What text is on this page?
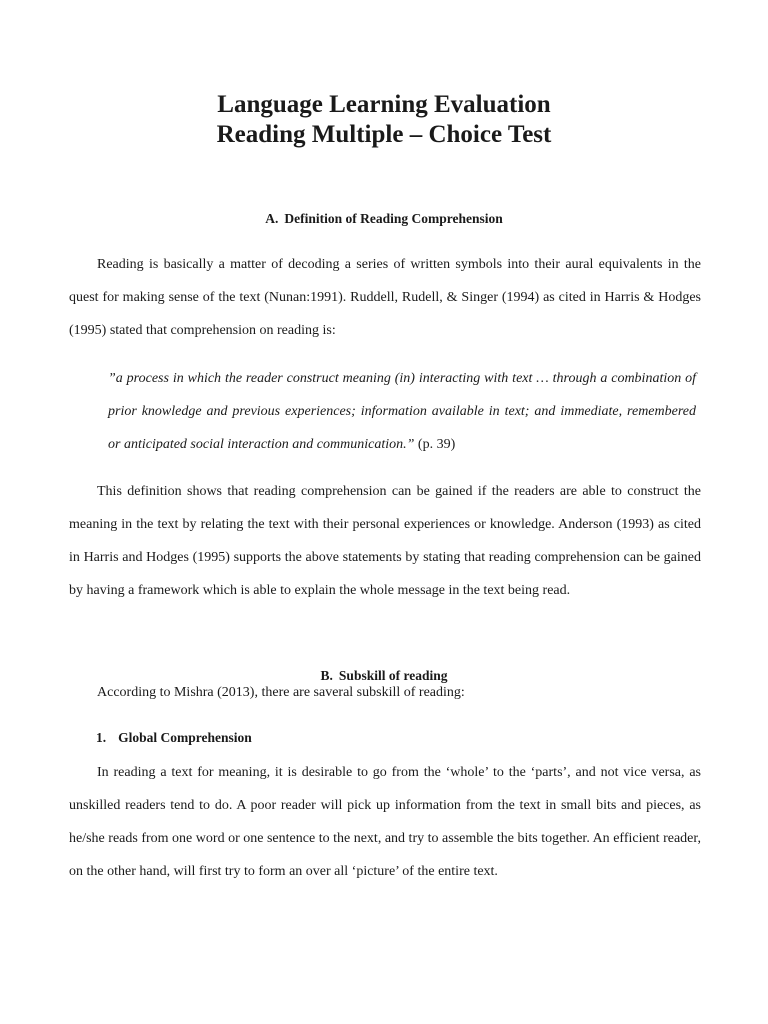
Language Learning Evaluation
Reading Multiple – Choice Test
A. Definition of Reading Comprehension

Reading is basically a matter of decoding a series of written symbols into their aural equivalents in the quest for making sense of the text (Nunan:1991). Ruddell, Rudell, & Singer (1994) as cited in Harris & Hodges (1995) stated that comprehension on reading is:

”a process in which the reader construct meaning (in) interacting with text … through a combination of prior knowledge and previous experiences; information available in text; and immediate, remembered or anticipated social interaction and communication.” (p. 39)

This definition shows that reading comprehension can be gained if the readers are able to construct the meaning in the text by relating the text with their personal experiences or knowledge. Anderson (1993) as cited in Harris and Hodges (1995) supports the above statements by stating that reading comprehension can be gained by having a framework which is able to explain the whole message in the text being read.

B. Subskill of reading

According to Mishra (2013), there are saveral subskill of reading:

1. Global Comprehension

In reading a text for meaning, it is desirable to go from the ‘whole’ to the ‘parts’, and not vice versa, as unskilled readers tend to do. A poor reader will pick up information from the text in small bits and pieces, as he/she reads from one word or one sentence to the next, and try to assemble the bits together. An efficient reader, on the other hand, will first try to form an over all ‘picture’ of the entire text.
